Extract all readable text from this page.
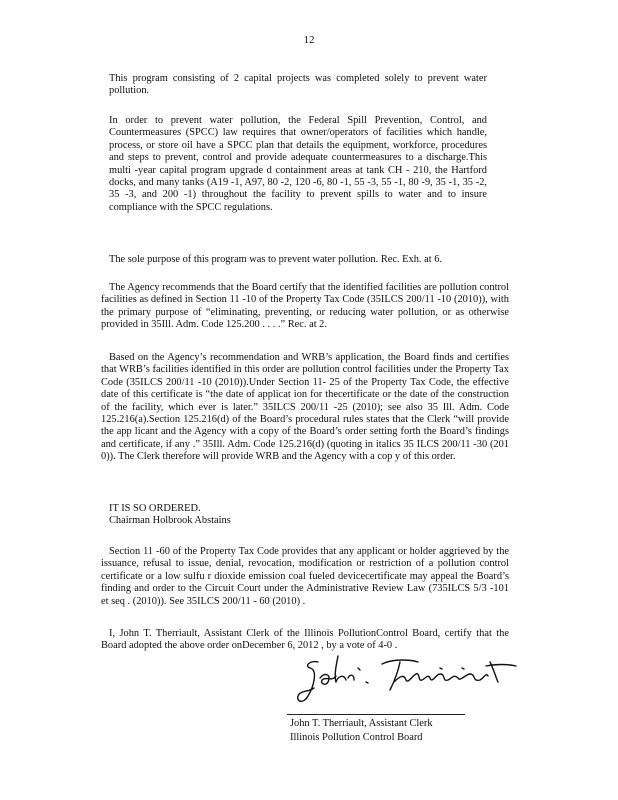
12

This program consisting of 2 capital projects was completed solely to prevent water pollution.

In order to prevent water pollution, the Federal Spill Prevention, Control, and Countermeasures (SPCC) law requires that owner/operators of facilities which handle, process, or store oil have a SPCC plan that details the equipment, workforce, procedures and steps to prevent, control and provide adequate countermeasures to a discharge.This multi -year capital program upgrade d containment areas at tank CH - 210, the Hartford docks, and many tanks (A19 -1, A97, 80 -2, 120 -6, 80 -1, 55 -3, 55 -1, 80 -9, 35 -1, 35 -2, 35 -3, and 200 -1) throughout the facility to prevent spills to water and to insure compliance with the SPCC regulations.

The sole purpose of this program was to prevent water pollution. Rec. Exh. at 6.

The Agency recommends that the Board certify that the identified facilities are pollution control facilities as defined in Section 11 -10 of the Property Tax Code (35ILCS 200/11 -10 (2010)), with the primary purpose of “eliminating, preventing, or reducing water pollution, or as otherwise provided in 35Ill. Adm. Code 125.200 . . . .” Rec. at 2.

Based on the Agency’s recommendation and WRB’s application, the Board finds and certifies that WRB’s facilities identified in this order are pollution control facilities under the Property Tax Code (35ILCS 200/11 -10 (2010)).Under Section 11- 25 of the Property Tax Code, the effective date of this certificate is “the date of applicat ion for thecertificate or the date of the construction of the facility, which ever is later.” 35ILCS 200/11 -25 (2010); see also 35 Ill. Adm. Code 125.216(a).Section 125.216(d) of the Board’s procedural rules states that the Clerk “will provide the app licant and the Agency with a copy of the Board’s order setting forth the Board’s findings and certificate, if any .” 35Ill. Adm. Code 125.216(d) (quoting in italics 35 ILCS 200/11 -30 (201 0)). The Clerk therefore will provide WRB and the Agency with a cop y of this order.

IT IS SO ORDERED.

Chairman Holbrook Abstains

Section 11 -60 of the Property Tax Code provides that any applicant or holder aggrieved by the issuance, refusal to issue, denial, revocation, modification or restriction of a pollution control certificate or a low sulfu r dioxide emission coal fueled devicecertificate may appeal the Board’s finding and order to the Circuit Court under the Administrative Review Law (735ILCS 5/3 -101 et seq . (2010)). See 35ILCS 200/11 - 60 (2010) .

I, John T. Therriault, Assistant Clerk of the Illinois PollutionControl Board, certify that the Board adopted the above order onDecember 6, 2012 , by a vote of 4-0 .

John T. Therriault, Assistant Clerk
Illinois Pollution Control Board
